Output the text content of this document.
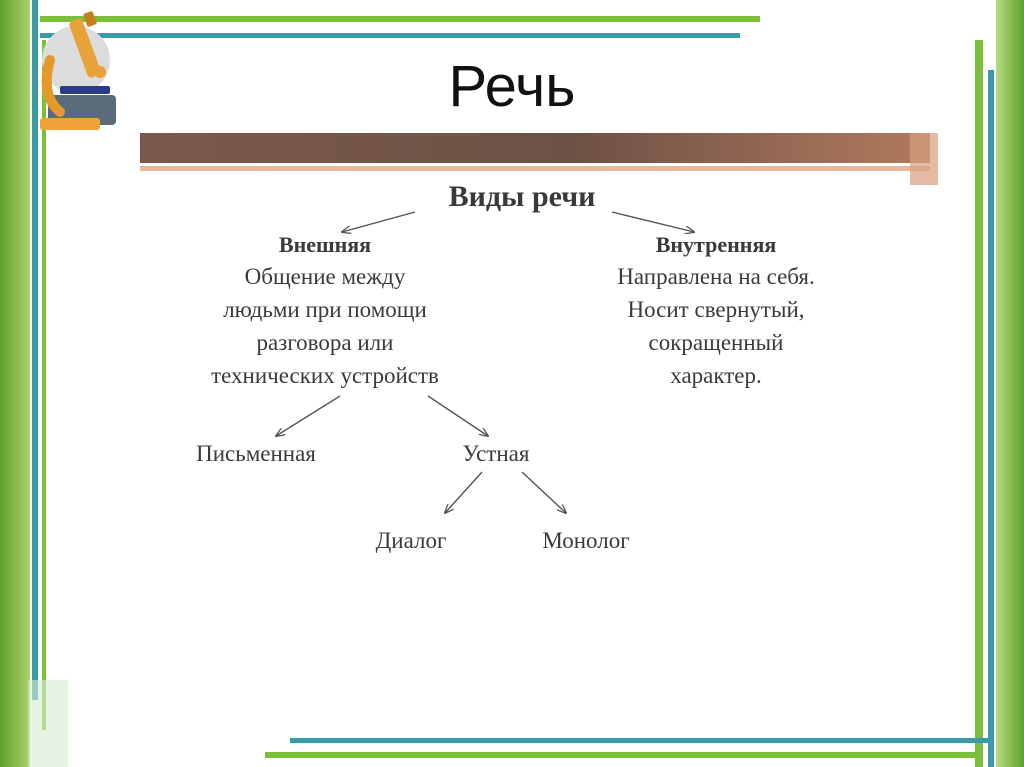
Речь
Виды речи
Внешняя
Общение между
людьми при помощи
разговора или
технических устройств
Внутренняя
Направлена на себя.
Носит свернутый,
сокращенный
характер.
Письменная	Устная
Диалог	Монолог
